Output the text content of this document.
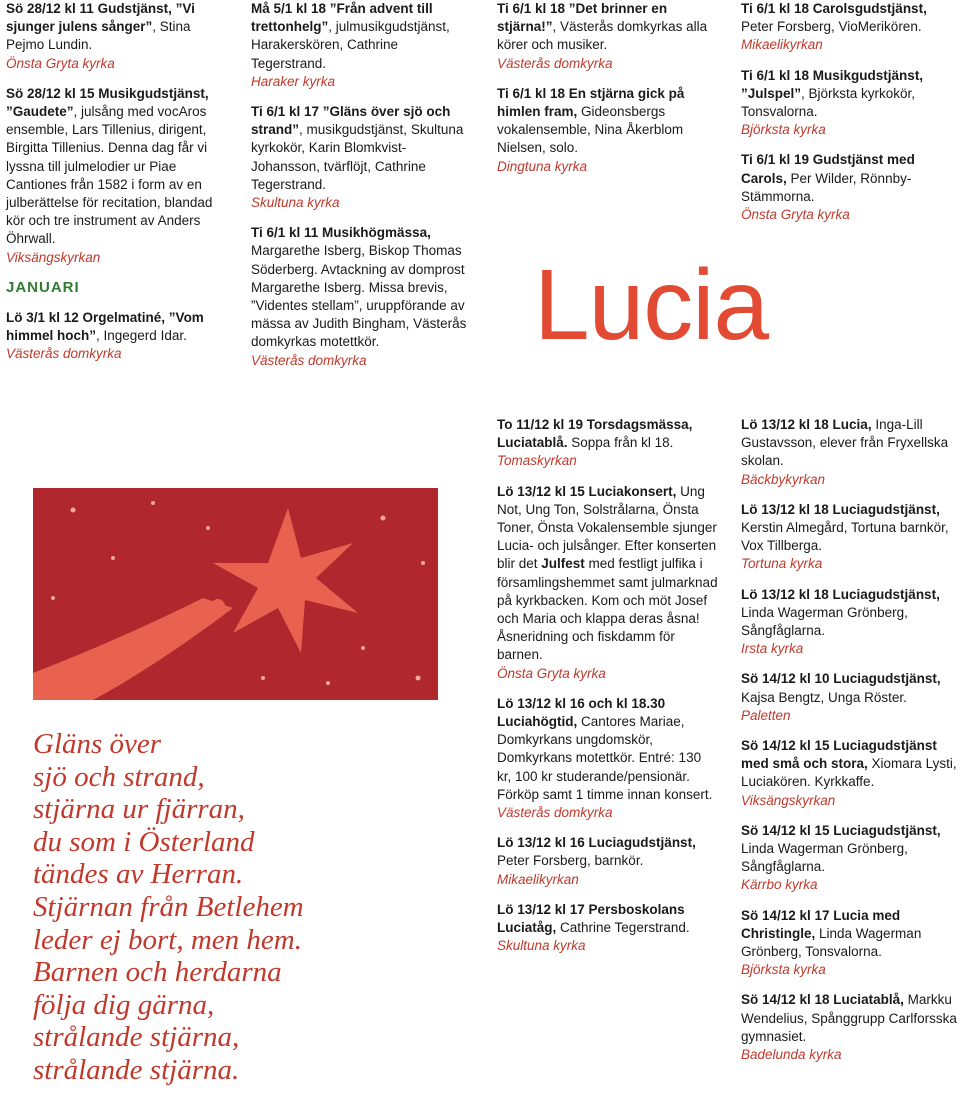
Sö 28/12 kl 11 Gudstjänst, ”Vi sjunger julens sånger”, Stina Pejmo Lundin.
Önsta Gryta kyrka

Sö 28/12 kl 15 Musikgudstjänst, ”Gaudete”, julsång med vocAros ensemble, Lars Tillenius, dirigent, Birgitta Tillenius. Denna dag får vi lyssna till julmelodier ur Piae Cantiones från 1582 i form av en julberättelse för recitation, blandad kör och tre instrument av Anders Öhrwall.
Viksängskyrkan

JANUARI

Lö 3/1 kl 12 Orgelmatiné, ”Vom himmel hoch”, Ingegerd Idar.
Västerås domkyrka

Må 5/1 kl 18 ”Från advent till trettonhelg”, julmusikgudstjänst, Harakerskören, Cathrine Tegerstrand.
Haraker kyrka

Ti 6/1 kl 17 ”Gläns över sjö och strand”, musikgudstjänst, Skultuna kyrkokör, Karin Blomkvist-Johansson, tvärflöjt, Cathrine Tegerstrand.
Skultuna kyrka

Ti 6/1 kl 11 Musikhögmässa, Margarethe Isberg, Biskop Thomas Söderberg. Avtackning av domprost Margarethe Isberg. Missa brevis, ”Videntes stellam”, uruppförande av mässa av Judith Bingham, Västerås domkyrkas motettkör.
Västerås domkyrka

Ti 6/1 kl 18 ”Det brinner en stjärna!”, Västerås domkyrkas alla körer och musiker.
Västerås domkyrka

Ti 6/1 kl 18 En stjärna gick på himlen fram, Gideonsbergs vokalensemble, Nina Åkerblom Nielsen, solo.
Dingtuna kyrka

To 11/12 kl 19 Torsdagsmässa, Luciatablå. Soppa från kl 18.
Tomaskyrkan

Lö 13/12 kl 15 Luciakonsert, Ung Not, Ung Ton, Solstrålarna, Önsta Toner, Önsta Vokalensemble sjunger Lucia- och julsånger. Efter konserten blir det Julfest med festligt julfika i församlingshemmet samt julmarknad på kyrkbacken. Kom och möt Josef och Maria och klappa deras åsna! Åsneridning och fiskdamm för barnen.
Önsta Gryta kyrka

Lö 13/12 kl 16 och kl 18.30 Luciahögtid, Cantores Mariae, Domkyrkans ungdomskör, Domkyrkans motettkör. Entré: 130 kr, 100 kr studerande/pensionär. Förköp samt 1 timme innan konsert.
Västerås domkyrka

Lö 13/12 kl 16 Luciagudstjänst, Peter Forsberg, barnkör.
Mikaelikyrkan

Lö 13/12 kl 17 Persboskolans Luciatåg, Cathrine Tegerstrand.
Skultuna kyrka

Ti 6/1 kl 18 Carolsgudstjänst, Peter Forsberg, VioMerikören.
Mikaelikyrkan

Ti 6/1 kl 18 Musikgudstjänst, ”Julspel”, Björksta kyrkokör, Tonsvalorna.
Björksta kyrka

Ti 6/1 kl 19 Gudstjänst med Carols, Per Wilder, Rönnby-Stämmorna.
Önsta Gryta kyrka

Lö 13/12 kl 18 Lucia, Inga-Lill Gustavsson, elever från Fryxellska skolan.
Bäckbykyrkan

Lö 13/12 kl 18 Luciagudstjänst, Kerstin Almegård, Tortuna barnkör, Vox Tillberga.
Tortuna kyrka

Lö 13/12 kl 18 Luciagudstjänst, Linda Wagerman Grönberg, Sångfåglarna.
Irsta kyrka

Sö 14/12 kl 10 Luciagudstjänst, Kajsa Bengtz, Unga Röster.
Paletten

Sö 14/12 kl 15 Luciagudstjänst med små och stora, Xiomara Lysti, Luciakören. Kyrkkaffe.
Viksängskyrkan

Sö 14/12 kl 15 Luciagudstjänst, Linda Wagerman Grönberg, Sångfåglarna.
Kärrbo kyrka

Sö 14/12 kl 17 Lucia med Christingle, Linda Wagerman Grönberg, Tonsvalorna.
Björksta kyrka

Sö 14/12 kl 18 Luciatablå, Markku Wendelius, Spånggrupp Carlforsska gymnasiet.
Badelunda kyrka

Lucia
Gläns över
sjö och strand,
stjärna ur fjärran,
du som i Österland
tändes av Herran.
Stjärnan från Betlehem
leder ej bort, men hem.
Barnen och herdarna
följa dig gärna,
strålande stjärna,
strålande stjärna.
